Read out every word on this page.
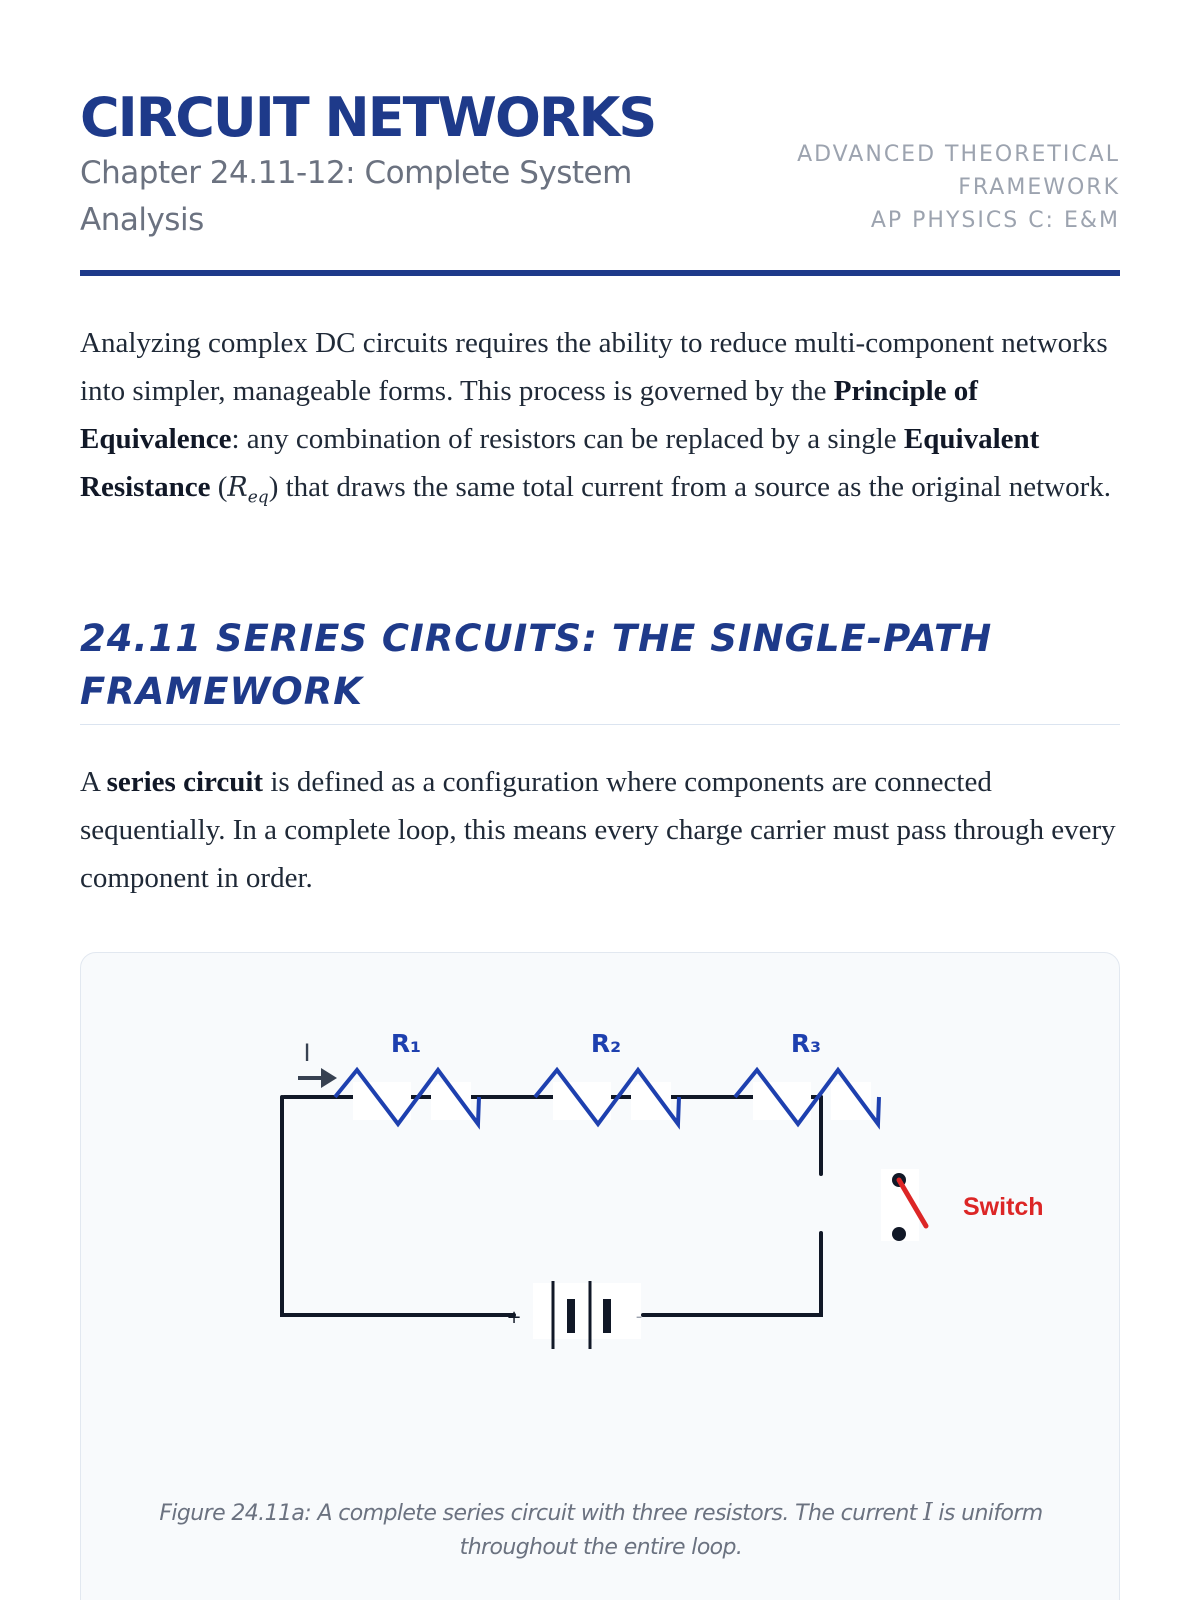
CIRCUIT NETWORKS
Chapter 24.11-12: Complete System Analysis
ADVANCED THEORETICAL
FRAMEWORK
AP PHYSICS C: E&M

Analyzing complex DC circuits requires the ability to reduce multi-component networks into simpler, manageable forms. This process is governed by the Principle of Equivalence: any combination of resistors can be replaced by a single Equivalent Resistance $(R_{eq})$ that draws the same total current from a source as the original network.

24.11 SERIES CIRCUITS: THE SINGLE-PATH FRAMEWORK

A series circuit is defined as a configuration where components are connected sequentially. In a complete loop, this means every charge carrier must pass through every component in order.

R₁	R₂	R₃
I
Switch
+	-
Figure 24.11a: A complete series circuit with three resistors. The current I is uniform throughout the entire loop.
